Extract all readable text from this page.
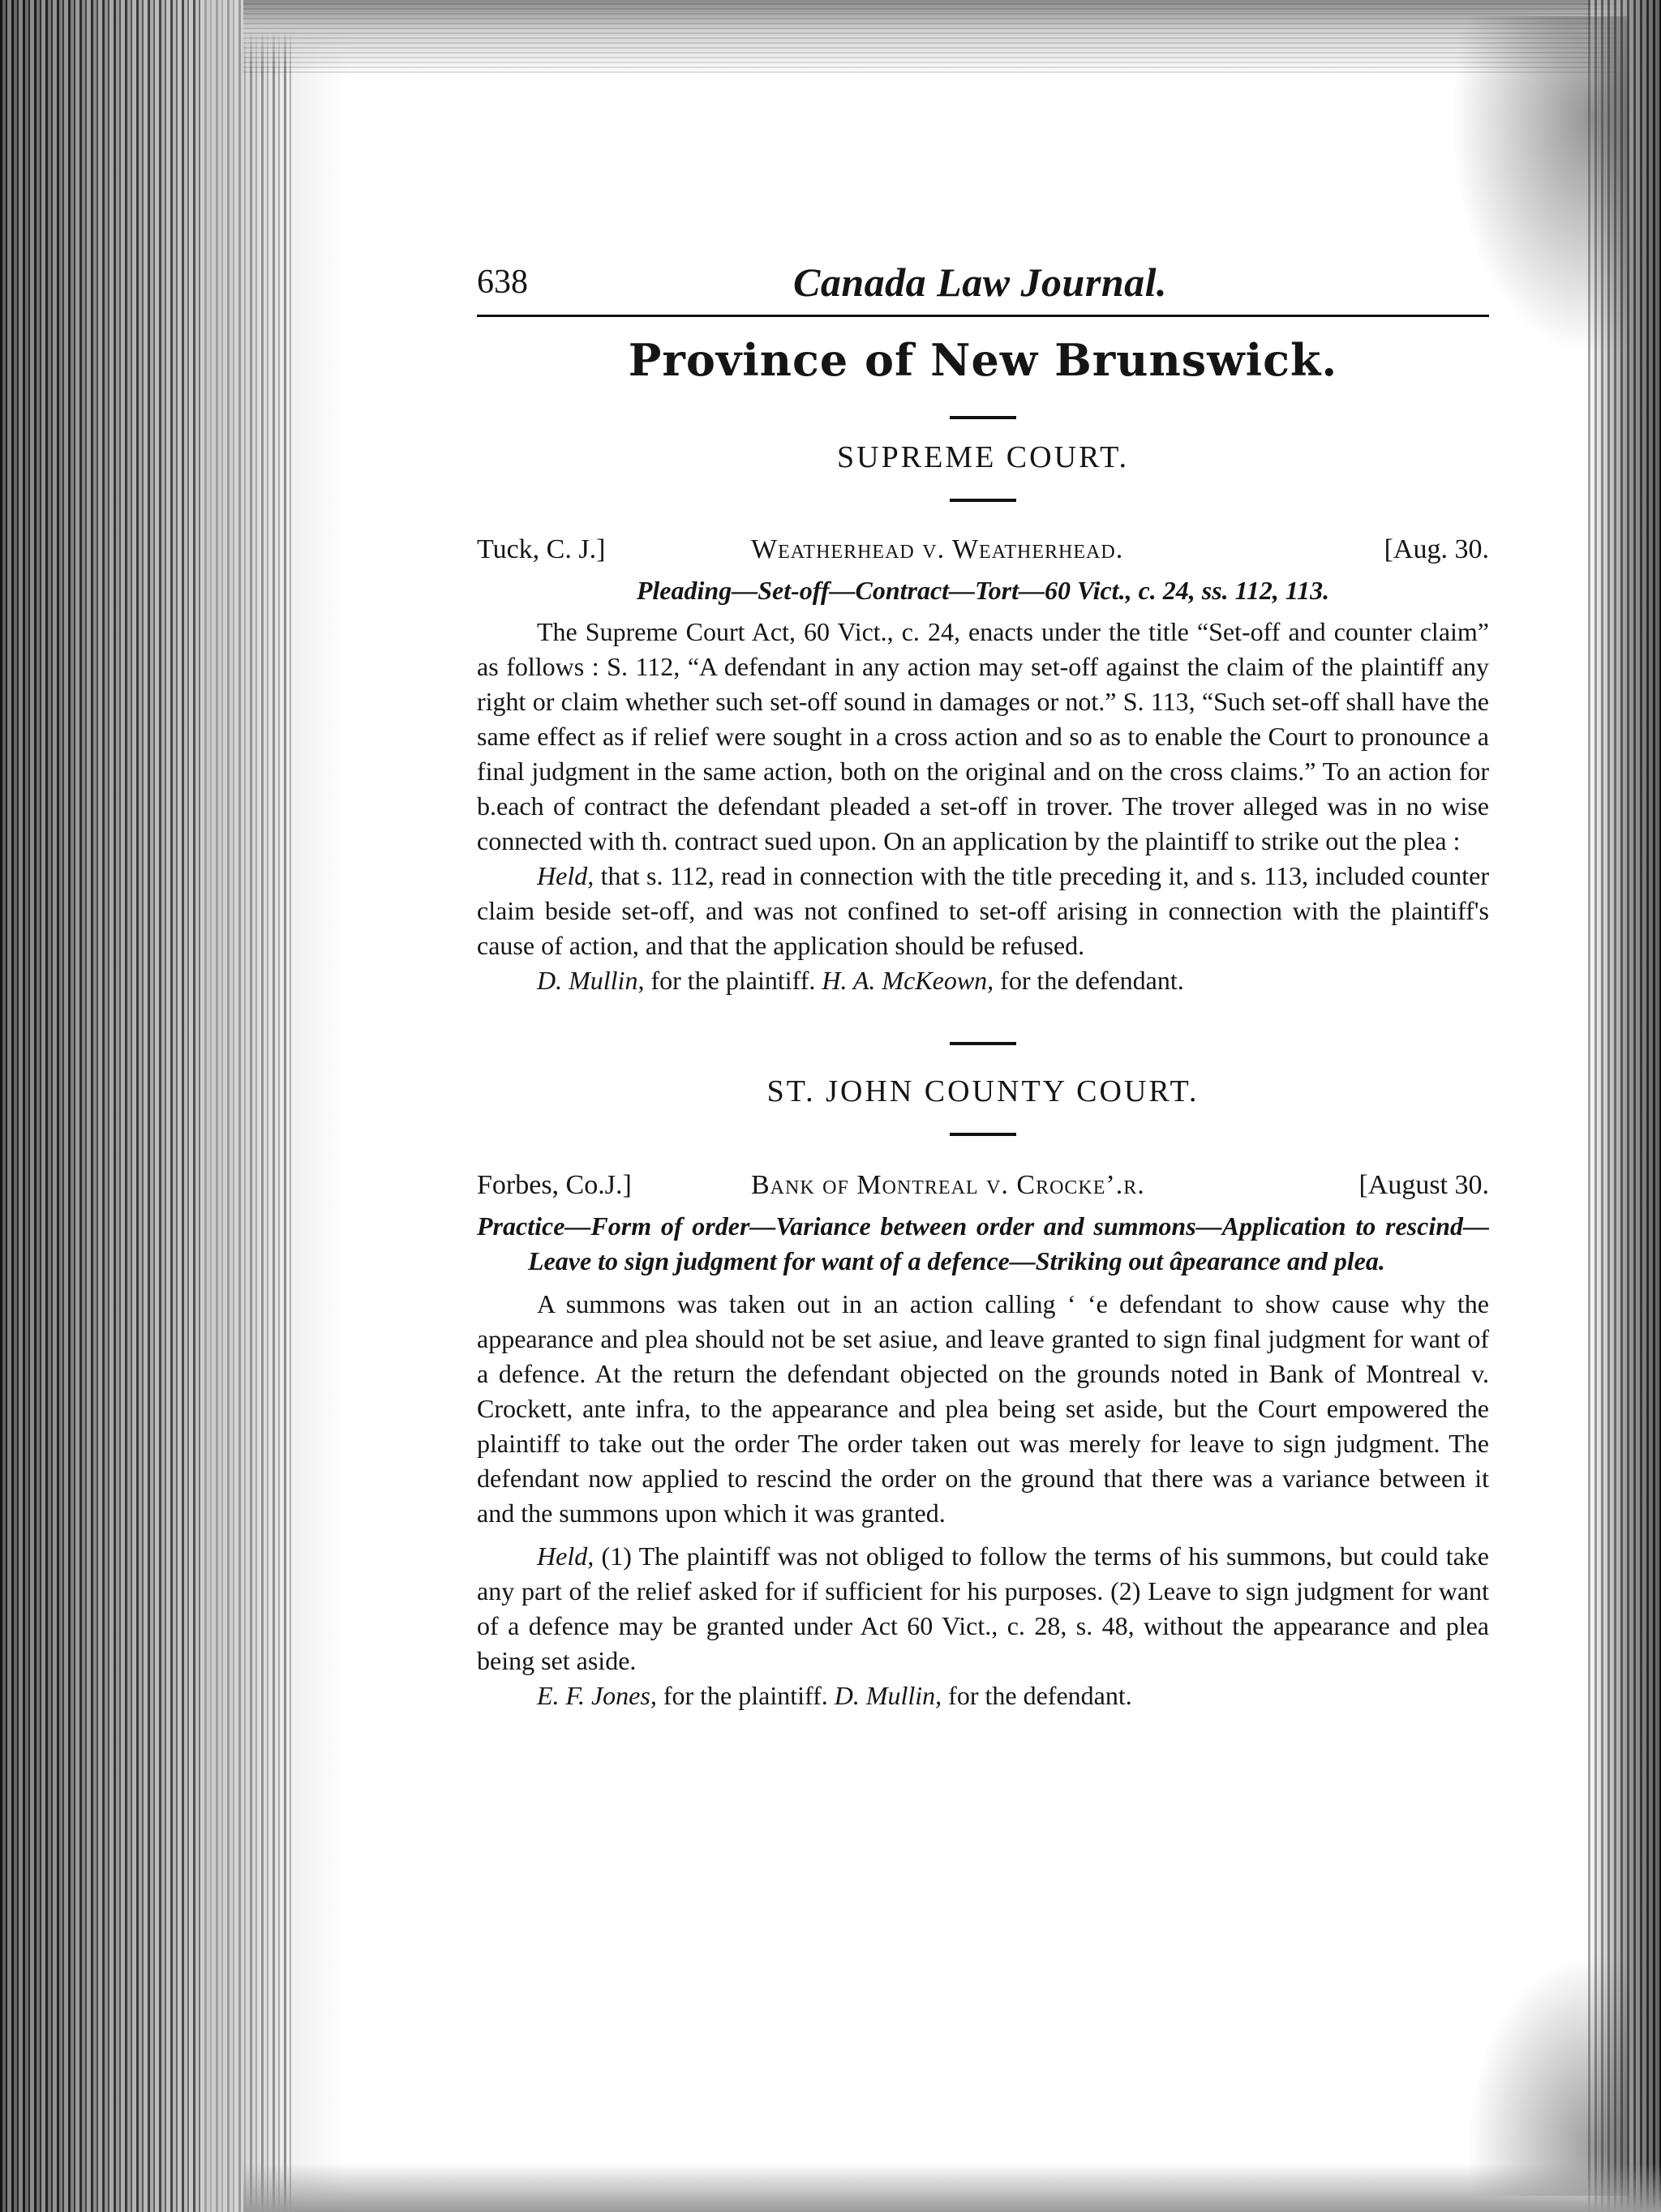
638	Canada Law Journal.
Province of New Brunswick.
SUPREME COURT.
Tuck, C. J.]	Weatherhead v. Weatherhead.	[Aug. 30.
Pleading—Set-off—Contract—Tort—60 Vict., c. 24, ss. 112, 113.

The Supreme Court Act, 60 Vict., c. 24, enacts under the title “Set-off and counter claim” as follows : S. 112, “A defendant in any action may set-off against the claim of the plaintiff any right or claim whether such set-off sound in damages or not.” S. 113, “Such set-off shall have the same effect as if relief were sought in a cross action and so as to enable the Court to pronounce a final judgment in the same action, both on the original and on the cross claims.” To an action for b.each of contract the defendant pleaded a set-off in trover. The trover alleged was in no wise connected with th. contract sued upon. On an application by the plaintiff to strike out the plea :

Held, that s. 112, read in connection with the title preceding it, and s. 113, included counter claim beside set-off, and was not confined to set-off arising in connection with the plaintiff's cause of action, and that the application should be refused.

D. Mullin, for the plaintiff. H. A. McKeown, for the defendant.

ST. JOHN COUNTY COURT.
Forbes, Co.J.]	Bank of Montreal v. Crocke’.r.	[August 30.
Practice—Form of order—Variance between order and summons—Application to rescind—Leave to sign judgment for want of a defence—Striking out âpearance and plea.

A summons was taken out in an action calling ʻ ʻe defendant to show cause why the appearance and plea should not be set asiue, and leave granted to sign final judgment for want of a defence. At the return the defendant objected on the grounds noted in Bank of Montreal v. Crockett, ante infra, to the appearance and plea being set aside, but the Court empowered the plaintiff to take out the order The order taken out was merely for leave to sign judgment. The defendant now applied to rescind the order on the ground that there was a variance between it and the summons upon which it was granted.

Held, (1) The plaintiff was not obliged to follow the terms of his summons, but could take any part of the relief asked for if sufficient for his purposes. (2) Leave to sign judgment for want of a defence may be granted under Act 60 Vict., c. 28, s. 48, without the appearance and plea being set aside.

E. F. Jones, for the plaintiff. D. Mullin, for the defendant.
